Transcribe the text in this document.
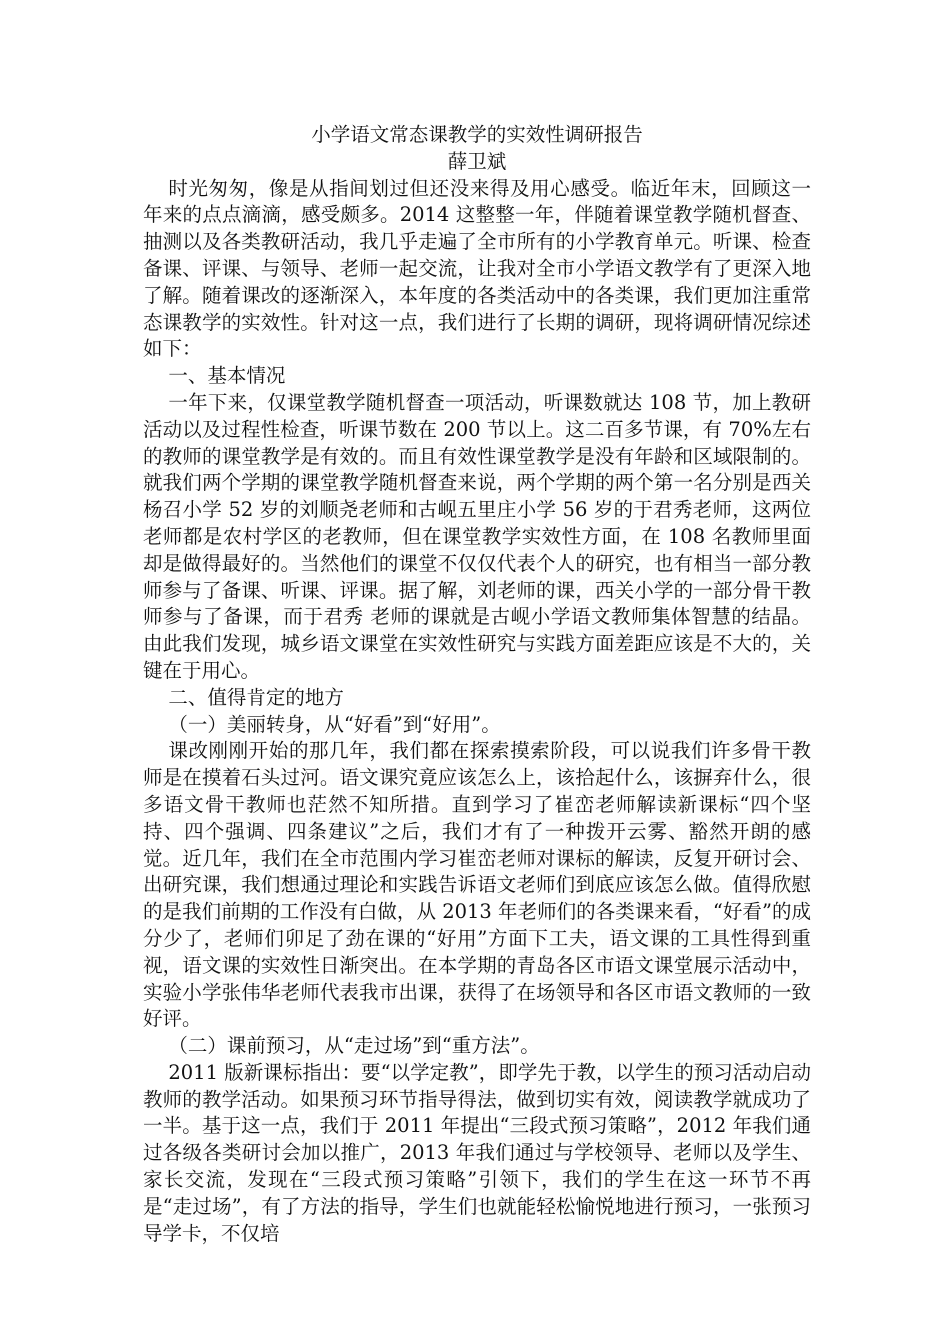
小学语文常态课教学的实效性调研报告
薛卫斌

时光匆匆，像是从指间划过但还没来得及用心感受。临近年末，回顾这一年来的点点滴滴，感受颇多。2014 这整整一年，伴随着课堂教学随机督查、抽测以及各类教研活动，我几乎走遍了全市所有的小学教育单元。听课、检查备课、评课、与领导、老师一起交流，让我对全市小学语文教学有了更深入地了解。随着课改的逐渐深入，本年度的各类活动中的各类课，我们更加注重常态课教学的实效性。针对这一点，我们进行了长期的调研，现将调研情况综述如下：

一、基本情况

一年下来，仅课堂教学随机督查一项活动，听课数就达 108 节，加上教研活动以及过程性检查，听课节数在 200 节以上。这二百多节课，有 70%左右的教师的课堂教学是有效的。而且有效性课堂教学是没有年龄和区域限制的。就我们两个学期的课堂教学随机督查来说，两个学期的两个第一名分别是西关杨召小学 52 岁的刘顺尧老师和古岘五里庄小学 56 岁的于君秀老师，这两位老师都是农村学区的老教师，但在课堂教学实效性方面，在 108 名教师里面却是做得最好的。当然他们的课堂不仅仅代表个人的研究，也有相当一部分教师参与了备课、听课、评课。据了解，刘老师的课，西关小学的一部分骨干教师参与了备课，而于君秀 老师的课就是古岘小学语文教师集体智慧的结晶。由此我们发现，城乡语文课堂在实效性研究与实践方面差距应该是不大的，关键在于用心。

二、值得肯定的地方
（一）美丽转身，从“好看”到“好用”。

课改刚刚开始的那几年，我们都在探索摸索阶段，可以说我们许多骨干教师是在摸着石头过河。语文课究竟应该怎么上，该拾起什么，该摒弃什么，很多语文骨干教师也茫然不知所措。直到学习了崔峦老师解读新课标“四个坚持、四个强调、四条建议”之后，我们才有了一种拨开云雾、豁然开朗的感觉。近几年，我们在全市范围内学习崔峦老师对课标的解读，反复开研讨会、出研究课，我们想通过理论和实践告诉语文老师们到底应该怎么做。值得欣慰的是我们前期的工作没有白做，从 2013 年老师们的各类课来看，“好看”的成分少了，老师们卯足了劲在课的“好用”方面下工夫，语文课的工具性得到重视，语文课的实效性日渐突出。在本学期的青岛各区市语文课堂展示活动中，实验小学张伟华老师代表我市出课，获得了在场领导和各区市语文教师的一致好评。

（二）课前预习，从“走过场”到“重方法”。

2011 版新课标指出：要“以学定教”，即学先于教，以学生的预习活动启动教师的教学活动。如果预习环节指导得法，做到切实有效，阅读教学就成功了一半。基于这一点，我们于 2011 年提出“三段式预习策略”，2012 年我们通过各级各类研讨会加以推广，2013 年我们通过与学校领导、老师以及学生、家长交流，发现在“三段式预习策略”引领下，我们的学生在这一环节不再是“走过场”，有了方法的指导，学生们也就能轻松愉悦地进行预习，一张预习导学卡，不仅培
